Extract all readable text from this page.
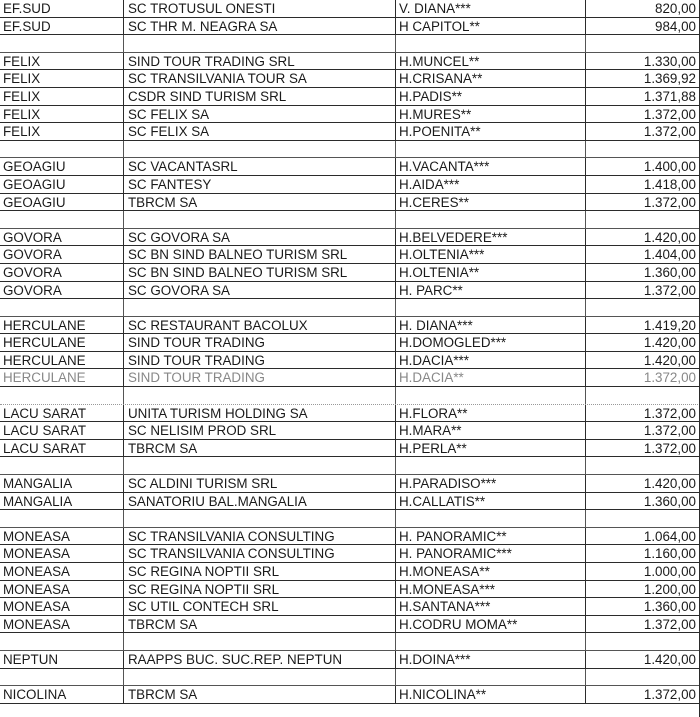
EF.SUD	SC TROTUSUL ONESTI	V. DIANA***	820,00
EF.SUD	SC THR M. NEAGRA SA	H CAPITOL**	984,00
FELIX	SIND TOUR TRADING SRL	H.MUNCEL**	1.330,00
FELIX	SC TRANSILVANIA TOUR SA	H.CRISANA**	1.369,92
FELIX	CSDR SIND TURISM SRL	H.PADIS**	1.371,88
FELIX	SC FELIX SA	H.MURES**	1.372,00
FELIX	SC FELIX SA	H.POENITA**	1.372,00
GEOAGIU	SC VACANTASRL	H.VACANTA***	1.400,00
GEOAGIU	SC FANTESY	H.AIDA***	1.418,00
GEOAGIU	TBRCM SA	H.CERES**	1.372,00
GOVORA	SC GOVORA SA	H.BELVEDERE***	1.420,00
GOVORA	SC BN SIND BALNEO TURISM SRL	H.OLTENIA***	1.404,00
GOVORA	SC BN SIND BALNEO TURISM SRL	H.OLTENIA**	1.360,00
GOVORA	SC GOVORA SA	H. PARC**	1.372,00
HERCULANE	SC RESTAURANT BACOLUX	H. DIANA***	1.419,20
HERCULANE	SIND TOUR TRADING	H.DOMOGLED***	1.420,00
HERCULANE	SIND TOUR TRADING	H.DACIA***	1.420,00
HERCULANE	SIND TOUR TRADING	H.DACIA**	1.372,00
LACU SARAT	UNITA TURISM HOLDING SA	H.FLORA**	1.372,00
LACU SARAT	SC NELISIM PROD SRL	H.MARA**	1.372,00
LACU SARAT	TBRCM SA	H.PERLA**	1.372,00
MANGALIA	SC ALDINI TURISM SRL	H.PARADISO***	1.420,00
MANGALIA	SANATORIU BAL.MANGALIA	H.CALLATIS**	1.360,00
MONEASA	SC TRANSILVANIA CONSULTING	H. PANORAMIC**	1.064,00
MONEASA	SC TRANSILVANIA CONSULTING	H. PANORAMIC***	1.160,00
MONEASA	SC REGINA NOPTII SRL	H.MONEASA**	1.000,00
MONEASA	SC REGINA NOPTII SRL	H.MONEASA***	1.200,00
MONEASA	SC UTIL CONTECH SRL	H.SANTANA***	1.360,00
MONEASA	TBRCM SA	H.CODRU MOMA**	1.372,00
NEPTUN	RAAPPS BUC. SUC.REP. NEPTUN	H.DOINA***	1.420,00
NICOLINA	TBRCM SA	H.NICOLINA**	1.372,00
